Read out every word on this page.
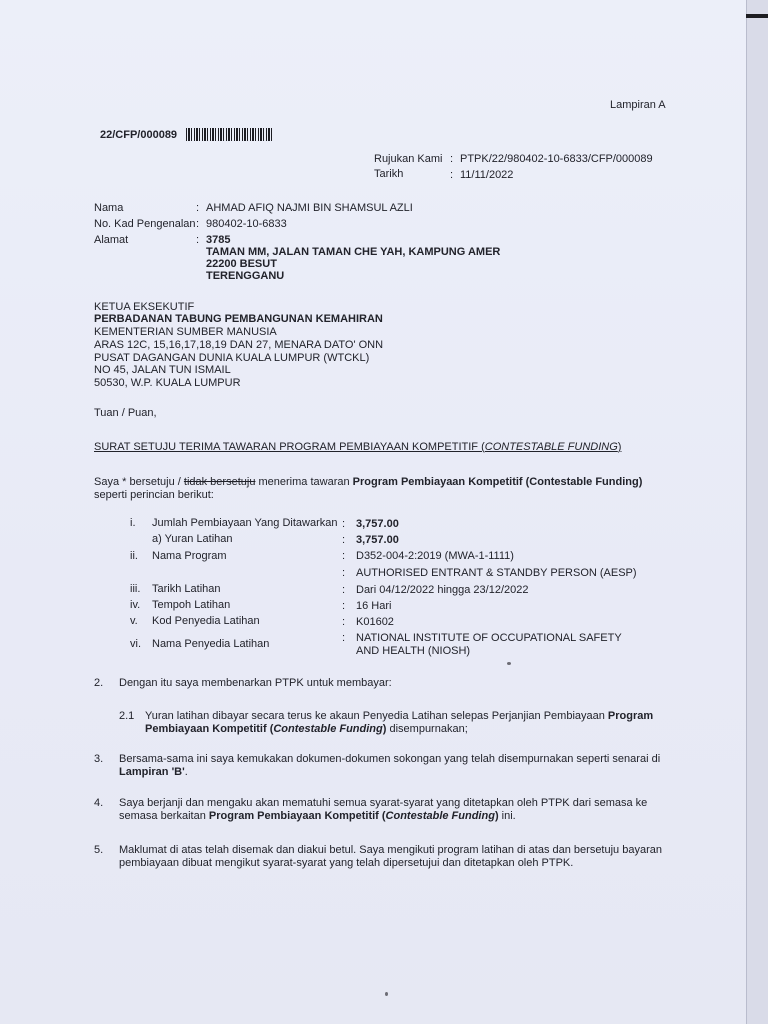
Lampiran A
22/CFP/000089
Rujukan Kami : PTPK/22/980402-10-6833/CFP/000089
Tarikh	: 11/11/2022
Nama	: AHMAD AFIQ NAJMI BIN SHAMSUL AZLI
No. Kad Pengenalan : 980402-10-6833
Alamat	: 3785
TAMAN MM, JALAN TAMAN CHE YAH, KAMPUNG AMER
22200 BESUT
TERENGGANU
KETUA EKSEKUTIF
PERBADANAN TABUNG PEMBANGUNAN KEMAHIRAN
KEMENTERIAN SUMBER MANUSIA
ARAS 12C, 15,16,17,18,19 DAN 27, MENARA DATO' ONN
PUSAT DAGANGAN DUNIA KUALA LUMPUR (WTCKL)
NO 45, JALAN TUN ISMAIL
50530, W.P. KUALA LUMPUR
Tuan / Puan,
SURAT SETUJU TERIMA TAWARAN PROGRAM PEMBIAYAAN KOMPETITIF (CONTESTABLE FUNDING)
Saya * bersetuju / tidak bersetuju menerima tawaran Program Pembiayaan Kompetitif (Contestable Funding) seperti perincian berikut:
i. Jumlah Pembiayaan Yang Ditawarkan : 3,757.00
a) Yuran Latihan	: 3,757.00
ii. Nama Program	: D352-004-2:2019 (MWA-1-1111)
: AUTHORISED ENTRANT & STANDBY PERSON (AESP)
iii. Tarikh Latihan	: Dari 04/12/2022 hingga 23/12/2022
iv. Tempoh Latihan	: 16 Hari
v. Kod Penyedia Latihan	: K01602
vi. Nama Penyedia Latihan	: NATIONAL INSTITUTE OF OCCUPATIONAL SAFETY AND HEALTH (NIOSH)
2. Dengan itu saya membenarkan PTPK untuk membayar:
2.1 Yuran latihan dibayar secara terus ke akaun Penyedia Latihan selepas Perjanjian Pembiayaan Program Pembiayaan Kompetitif (Contestable Funding) disempurnakan;
3. Bersama-sama ini saya kemukakan dokumen-dokumen sokongan yang telah disempurnakan seperti senarai di Lampiran 'B'.
4. Saya berjanji dan mengaku akan mematuhi semua syarat-syarat yang ditetapkan oleh PTPK dari semasa ke semasa berkaitan Program Pembiayaan Kompetitif (Contestable Funding) ini.
5. Maklumat di atas telah disemak dan diakui betul. Saya mengikuti program latihan di atas dan bersetuju bayaran pembiayaan dibuat mengikut syarat-syarat yang telah dipersetujui dan ditetapkan oleh PTPK.
